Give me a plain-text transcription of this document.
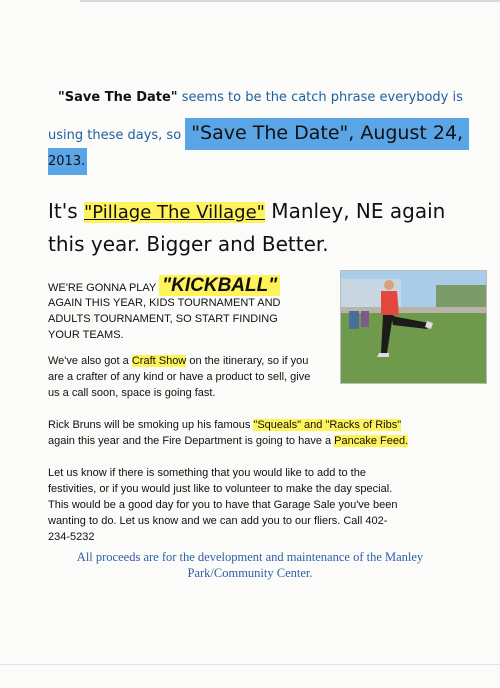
"Save The Date" seems to be the catch phrase everybody is
using these days, so "Save The Date", August 24,
2013.
It's "Pillage The Village" Manley, NE again
this year. Bigger and Better.
WE'RE GONNA PLAY "KICKBALL"
AGAIN THIS YEAR, KIDS TOURNAMENT AND
ADULTS TOURNAMENT, SO START FINDING
YOUR TEAMS.
We've also got a Craft Show on the itinerary, so if you
are a crafter of any kind or have a product to sell, give
us a call soon, space is going fast.
Rick Bruns will be smoking up his famous "Squeals" and "Racks of Ribs"
again this year and the Fire Department is going to have a Pancake Feed.
Let us know if there is something that you would like to add to the
festivities, or if you would just like to volunteer to make the day special.
This would be a good day for you to have that Garage Sale you've been
wanting to do. Let us know and we can add you to our fliers. Call 402-
234-5232
All proceeds are for the development and maintenance of the Manley
Park/Community Center.
